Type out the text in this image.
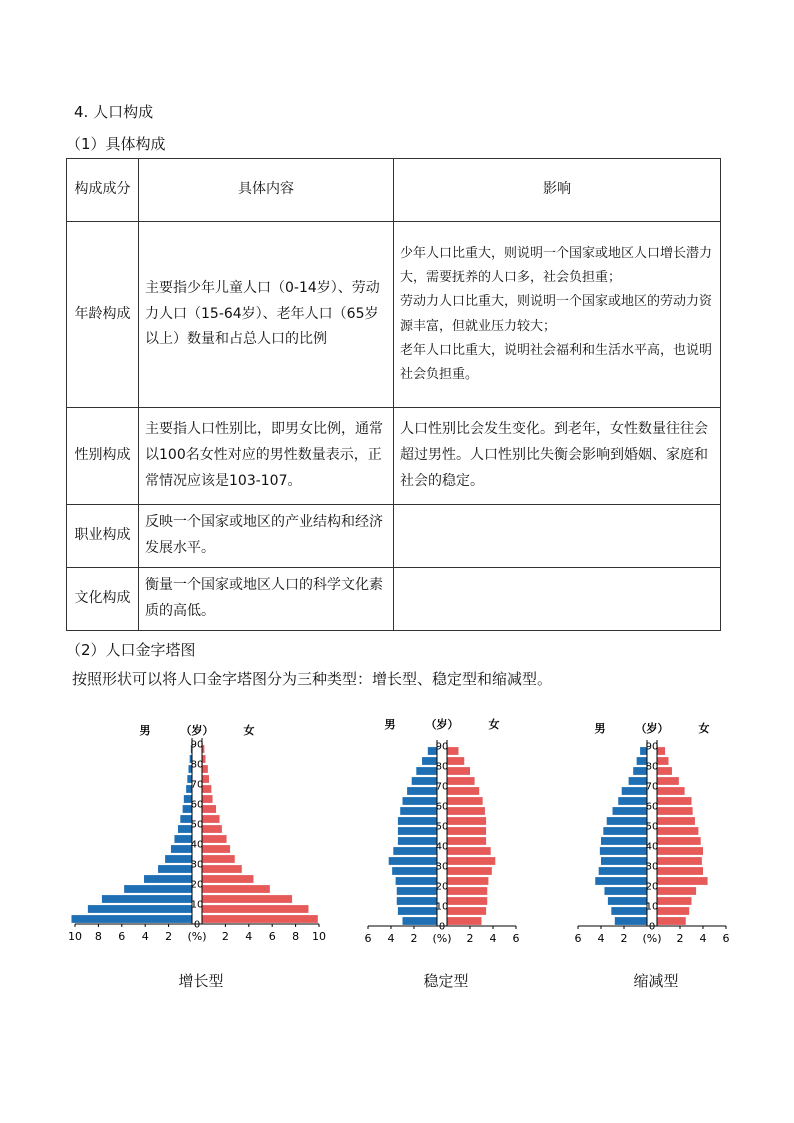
4. 人口构成
（1）具体构成
构成成分	具体内容	影响
年龄构成	主要指少年儿童人口（0-14岁）、劳动力人口（15-64岁）、老年人口（65岁以上）数量和占总人口的比例	少年人口比重大，则说明一个国家或地区人口增长潜力大，需要抚养的人口多，社会负担重；
劳动力人口比重大，则说明一个国家或地区的劳动力资源丰富，但就业压力较大；
老年人口比重大，说明社会福利和生活水平高，也说明社会负担重。

性别构成	主要指人口性别比，即男女比例，通常以100名女性对应的男性数量表示，正常情况应该是103-107。	人口性别比会发生变化。到老年，女性数量往往会超过男性。人口性别比失衡会影响到婚姻、家庭和社会的稳定。
职业构成	反映一个国家或地区的产业结构和经济发展水平。	
文化构成	衡量一个国家或地区人口的科学文化素质的高低。	
（2）人口金字塔图
按照形状可以将人口金字塔图分为三种类型：增长型、稳定型和缩减型。
男	（岁）	女
0
10
20
30
40
50
60
70
80
90
10 8 6 4 2 (%) 2 4 6 8 10
男	（岁）	女
0
10
20
30
40
50
60
70
80
90
6 4 2 (%) 2 4 6
男	（岁）	女
0
10
20
30
40
50
60
70
80
90
6 4 2 (%) 2 4 6
增长型	稳定型	缩减型
